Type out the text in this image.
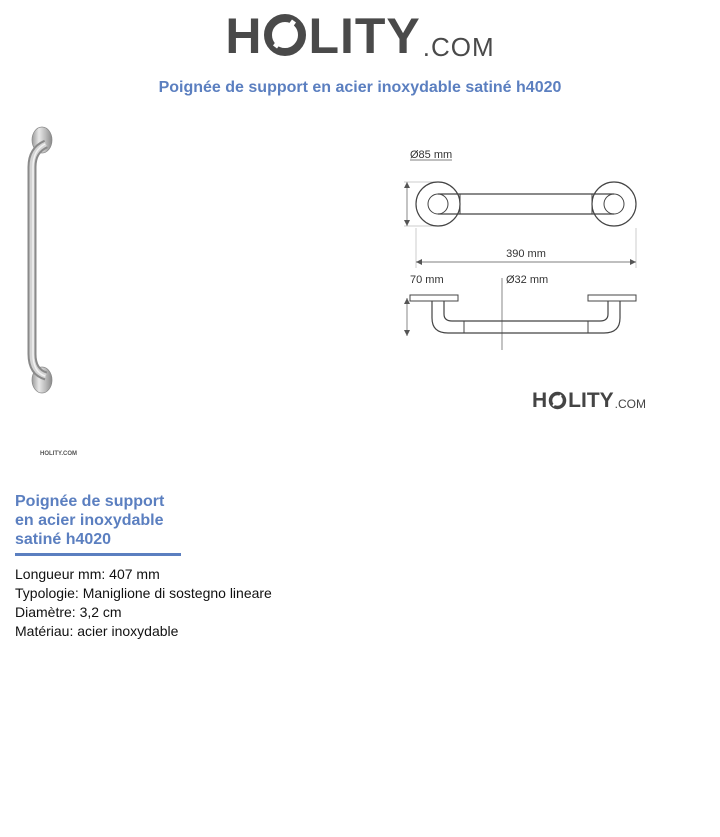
H LITY .COM
Poignée de support en acier inoxydable satiné h4020
Ø85 mm
390 mm
70 mm	Ø32 mm
H LITY .COM
HOLITY.COM
Poignée de support en acier inoxydable satiné h4020
Longueur mm: 407 mm
Typologie: Maniglione di sostegno lineare
Diamètre: 3,2 cm
Matériau: acier inoxydable
